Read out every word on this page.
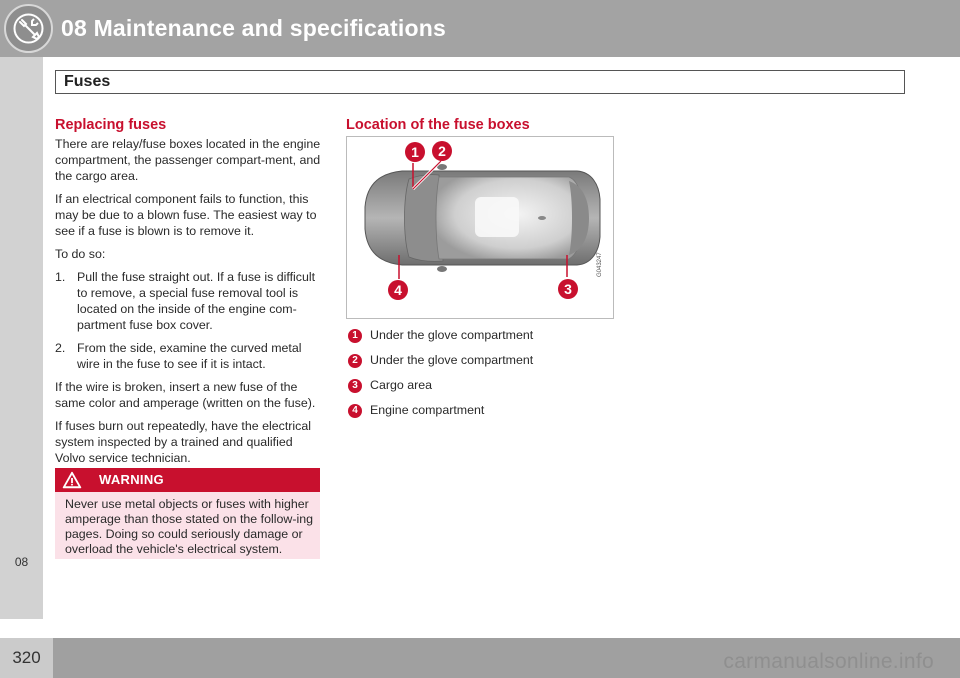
08 Maintenance and specifications
Fuses
08
Replacing fuses

There are relay/fuse boxes located in the engine compartment, the passenger compart-ment, and the cargo area.

If an electrical component fails to function, this may be due to a blown fuse. The easiest way to see if a fuse is blown is to remove it.

To do so:

1. Pull the fuse straight out. If a fuse is difficult to remove, a special fuse removal tool is located on the inside of the engine com-partment fuse box cover.
2. From the side, examine the curved metal wire in the fuse to see if it is intact.

If the wire is broken, insert a new fuse of the same color and amperage (written on the fuse).

If fuses burn out repeatedly, have the electrical system inspected by a trained and qualified Volvo service technician.

WARNING
Never use metal objects or fuses with higher amperage than those stated on the follow-ing pages. Doing so could seriously damage or overload the vehicle's electrical system.
Location of the fuse boxes
1 2
3
4
G043247
1 Under the glove compartment
2 Under the glove compartment
3 Cargo area
4 Engine compartment
320	carmanualsonline.info
